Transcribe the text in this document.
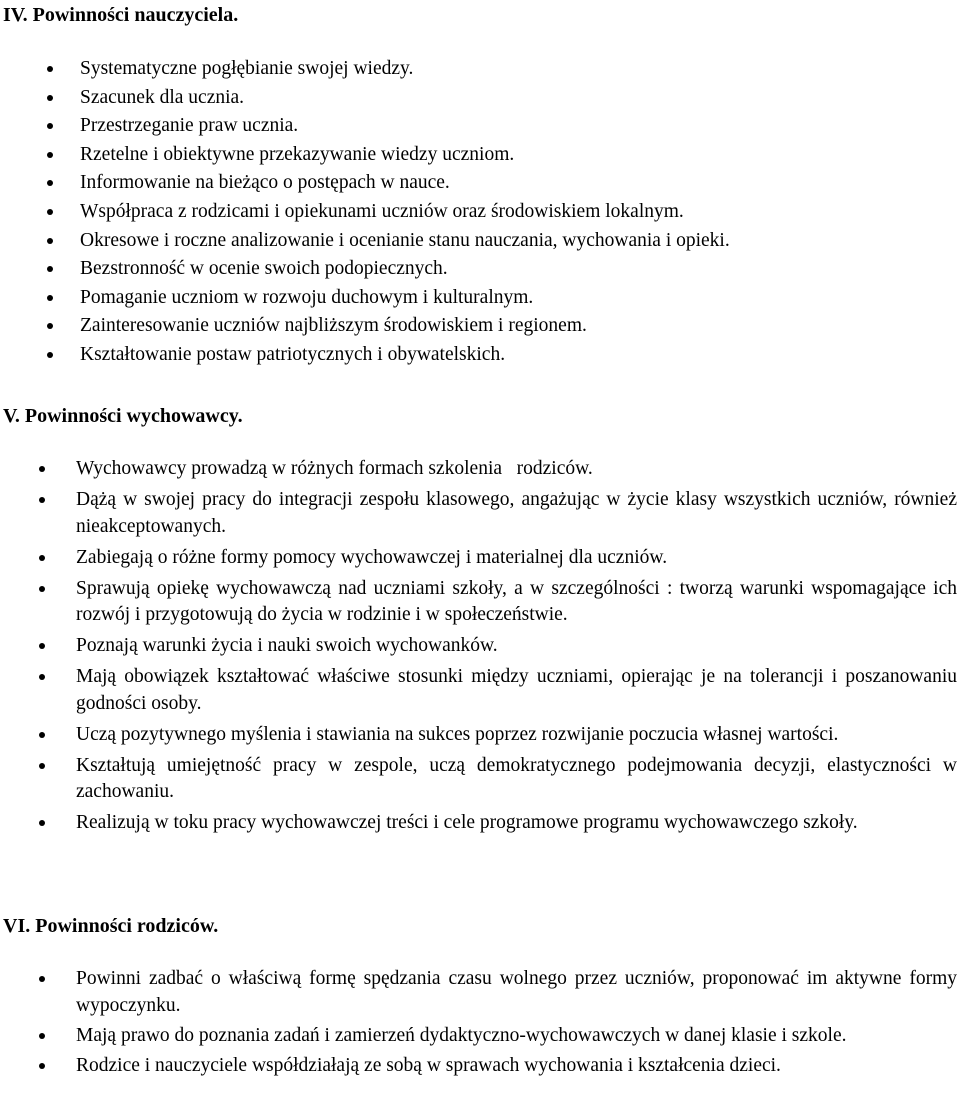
IV. Powinności nauczyciela.
Systematyczne pogłębianie swojej wiedzy.
Szacunek dla ucznia.
Przestrzeganie praw ucznia.
Rzetelne i obiektywne przekazywanie wiedzy uczniom.
Informowanie na bieżąco o postępach w nauce.
Współpraca z rodzicami i opiekunami uczniów oraz środowiskiem lokalnym.
Okresowe i roczne analizowanie i ocenianie stanu nauczania, wychowania i opieki.
Bezstronność w ocenie swoich podopiecznych.
Pomaganie uczniom w rozwoju duchowym i kulturalnym.
Zainteresowanie uczniów najbliższym środowiskiem i regionem.
Kształtowanie postaw patriotycznych i obywatelskich.
V. Powinności wychowawcy.
Wychowawcy prowadzą w różnych formach szkolenia   rodziców.
Dążą w swojej pracy do integracji zespołu klasowego, angażując w życie klasy wszystkich uczniów, również nieakceptowanych.
Zabiegają o różne formy pomocy wychowawczej i materialnej dla uczniów.
Sprawują opiekę wychowawczą nad uczniami szkoły, a w szczególności : tworzą warunki wspomagające ich rozwój i przygotowują do życia w rodzinie i w społeczeństwie.
Poznają warunki życia i nauki swoich wychowanków.
Mają obowiązek kształtować właściwe stosunki między uczniami, opierając je na tolerancji i poszanowaniu godności osoby.
Uczą pozytywnego myślenia i stawiania na sukces poprzez rozwijanie poczucia własnej wartości.
Kształtują umiejętność pracy w zespole, uczą demokratycznego podejmowania decyzji, elastyczności w zachowaniu.
Realizują w toku pracy wychowawczej treści i cele programowe programu wychowawczego szkoły.
VI. Powinności rodziców.
Powinni zadbać o właściwą formę spędzania czasu wolnego przez uczniów, proponować im aktywne formy wypoczynku.
Mają prawo do poznania zadań i zamierzeń dydaktyczno-wychowawczych w danej klasie i szkole.
Rodzice i nauczyciele współdziałają ze sobą w sprawach wychowania i kształcenia dzieci.
